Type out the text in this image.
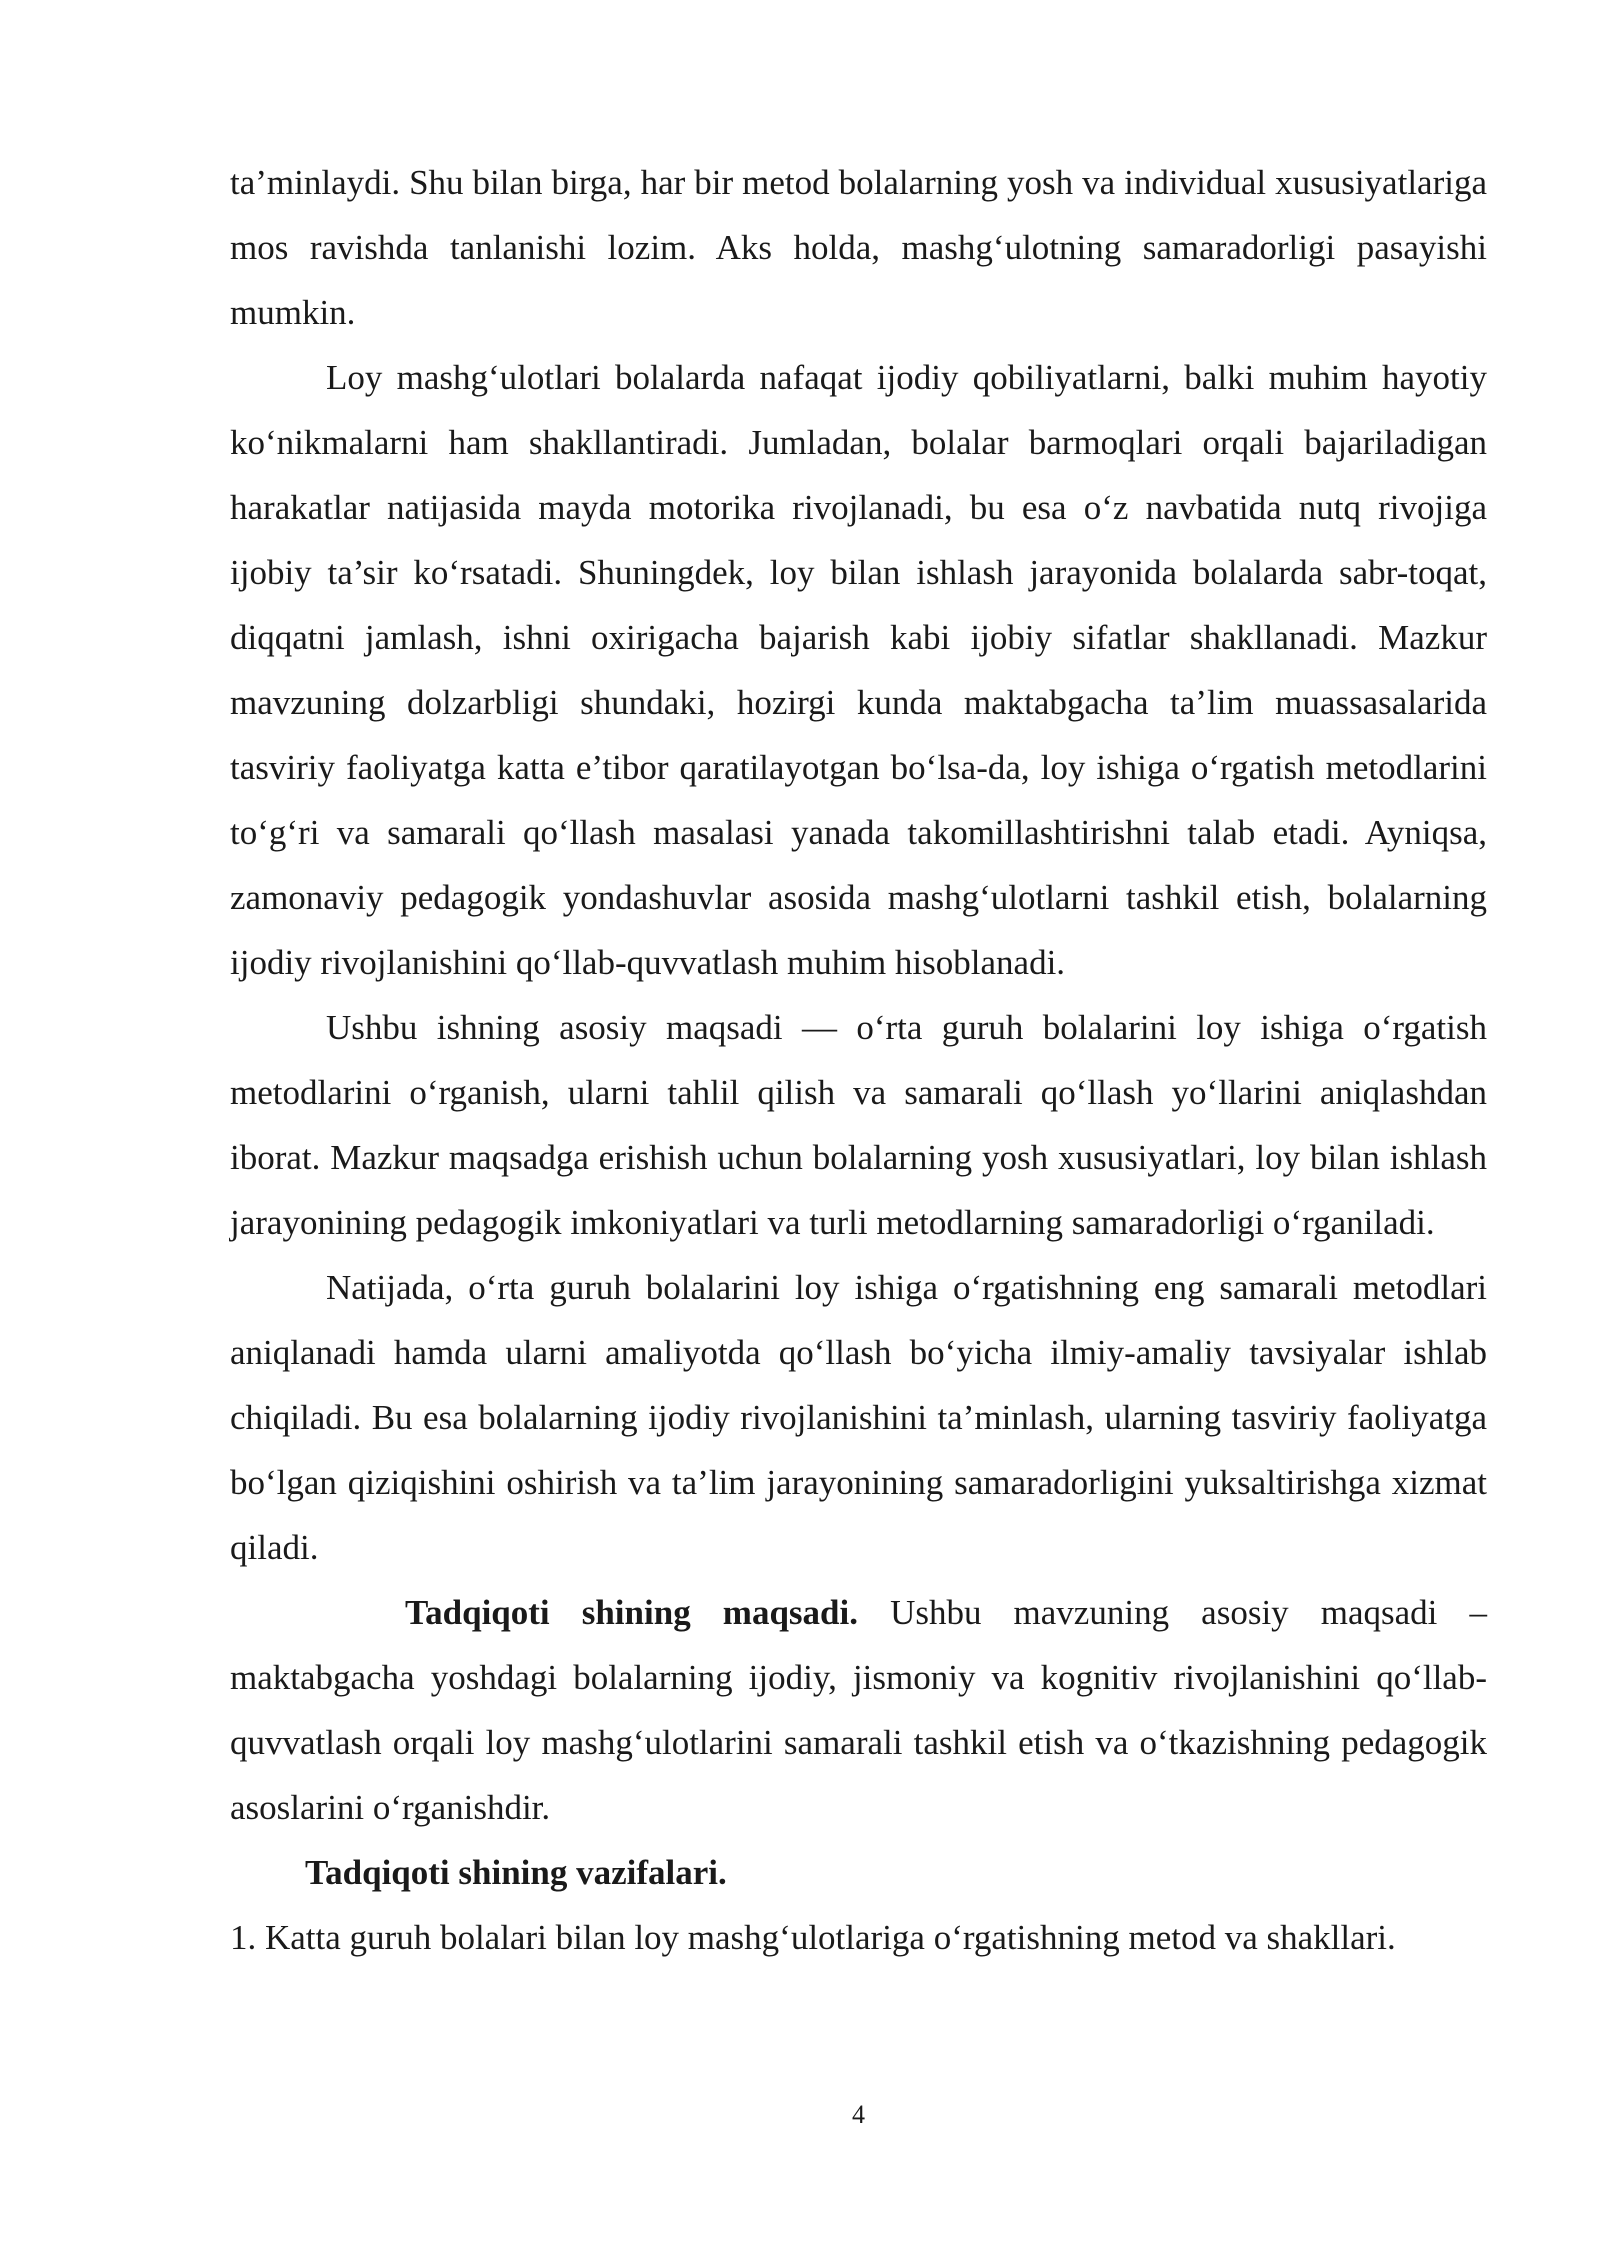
ta’minlaydi. Shu bilan birga, har bir metod bolalarning yosh va individual xususiyatlariga mos ravishda tanlanishi lozim. Aks holda, mashg‘ulotning samaradorligi pasayishi mumkin.

Loy mashg‘ulotlari bolalarda nafaqat ijodiy qobiliyatlarni, balki muhim hayotiy ko‘nikmalarni ham shakllantiradi. Jumladan, bolalar barmoqlari orqali bajariladigan harakatlar natijasida mayda motorika rivojlanadi, bu esa o‘z navbatida nutq rivojiga ijobiy ta’sir ko‘rsatadi. Shuningdek, loy bilan ishlash jarayonida bolalarda sabr-toqat, diqqatni jamlash, ishni oxirigacha bajarish kabi ijobiy sifatlar shakllanadi. Mazkur mavzuning dolzarbligi shundaki, hozirgi kunda maktabgacha ta’lim muassasalarida tasviriy faoliyatga katta e’tibor qaratilayotgan bo‘lsa-da, loy ishiga o‘rgatish metodlarini to‘g‘ri va samarali qo‘llash masalasi yanada takomillashtirishni talab etadi. Ayniqsa, zamonaviy pedagogik yondashuvlar asosida mashg‘ulotlarni tashkil etish, bolalarning ijodiy rivojlanishini qo‘llab-quvvatlash muhim hisoblanadi.

Ushbu ishning asosiy maqsadi — o‘rta guruh bolalarini loy ishiga o‘rgatish metodlarini o‘rganish, ularni tahlil qilish va samarali qo‘llash yo‘llarini aniqlashdan iborat. Mazkur maqsadga erishish uchun bolalarning yosh xususiyatlari, loy bilan ishlash jarayonining pedagogik imkoniyatlari va turli metodlarning samaradorligi o‘rganiladi.

Natijada, o‘rta guruh bolalarini loy ishiga o‘rgatishning eng samarali metodlari aniqlanadi hamda ularni amaliyotda qo‘llash bo‘yicha ilmiy-amaliy tavsiyalar ishlab chiqiladi. Bu esa bolalarning ijodiy rivojlanishini ta’minlash, ularning tasviriy faoliyatga bo‘lgan qiziqishini oshirish va ta’lim jarayonining samaradorligini yuksaltirishga xizmat qiladi.

Tadqiqoti shining maqsadi. Ushbu mavzuning asosiy maqsadi – maktabgacha yoshdagi bolalarning ijodiy, jismoniy va kognitiv rivojlanishini qo‘llab-quvvatlash orqali loy mashg‘ulotlarini samarali tashkil etish va o‘tkazishning pedagogik asoslarini o‘rganishdir.

Tadqiqoti shining vazifalari.

1. Katta guruh bolalari bilan loy mashg‘ulotlariga o‘rgatishning metod va shakllari.

4
